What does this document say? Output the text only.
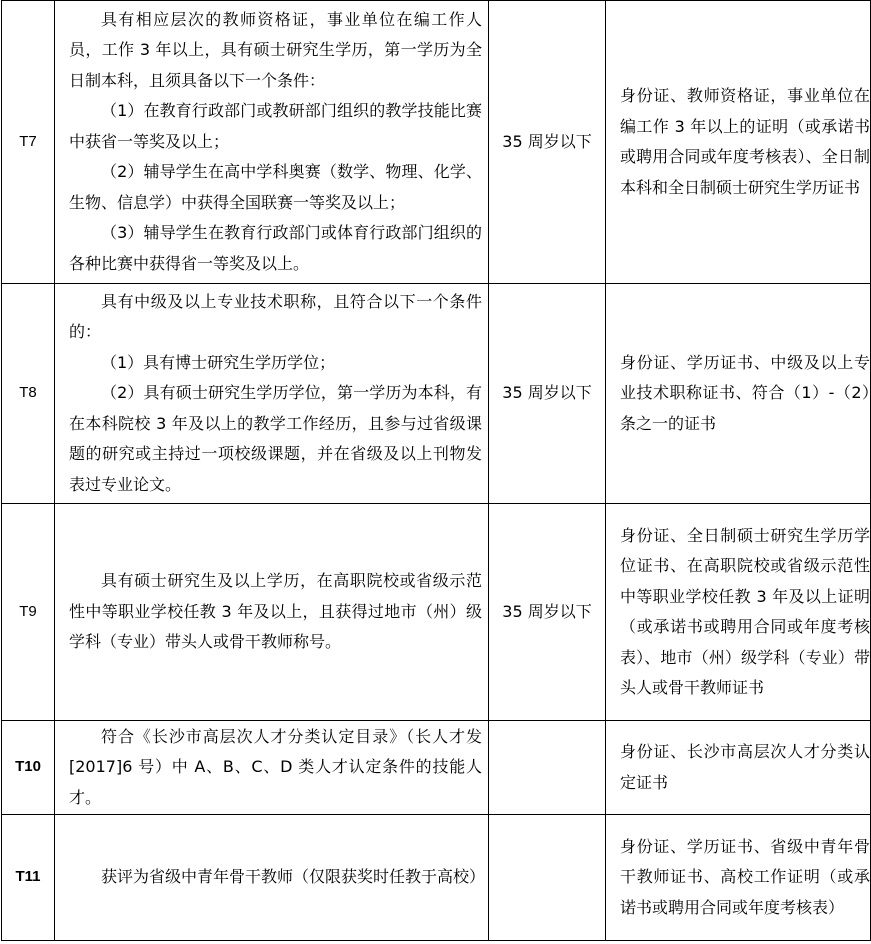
T7	具有相应层次的教师资格证，事业单位在编工作人员，工作 3 年以上，具有硕士研究生学历，第一学历为全日制本科，且须具备以下一个条件：

（1）在教育行政部门或教研部门组织的教学技能比赛中获省一等奖及以上；

（2）辅导学生在高中学科奥赛（数学、物理、化学、生物、信息学）中获得全国联赛一等奖及以上；

（3）辅导学生在教育行政部门或体育行政部门组织的各种比赛中获得省一等奖及以上。	35 周岁以下	身份证、教师资格证，事业单位在编工作 3 年以上的证明（或承诺书或聘用合同或年度考核表）、全日制本科和全日制硕士研究生学历证书
T8	具有中级及以上专业技术职称，且符合以下一个条件的：

（1）具有博士研究生学历学位；

（2）具有硕士研究生学历学位，第一学历为本科，有在本科院校 3 年及以上的教学工作经历，且参与过省级课题的研究或主持过一项校级课题，并在省级及以上刊物发表过专业论文。	35 周岁以下	身份证、学历证书、中级及以上专业技术职称证书、符合（1）-（2）条之一的证书
T9	具有硕士研究生及以上学历，在高职院校或省级示范性中等职业学校任教 3 年及以上，且获得过地市（州）级学科（专业）带头人或骨干教师称号。	35 周岁以下	身份证、全日制硕士研究生学历学位证书、在高职院校或省级示范性中等职业学校任教 3 年及以上证明（或承诺书或聘用合同或年度考核表）、地市（州）级学科（专业）带头人或骨干教师证书
T10	符合《长沙市高层次人才分类认定目录》（长人才发[2017]6 号）中 A、B、C、D 类人才认定条件的技能人才。		身份证、长沙市高层次人才分类认定证书
T11	获评为省级中青年骨干教师（仅限获奖时任教于高校）		身份证、学历证书、省级中青年骨干教师证书、高校工作证明（或承诺书或聘用合同或年度考核表）
